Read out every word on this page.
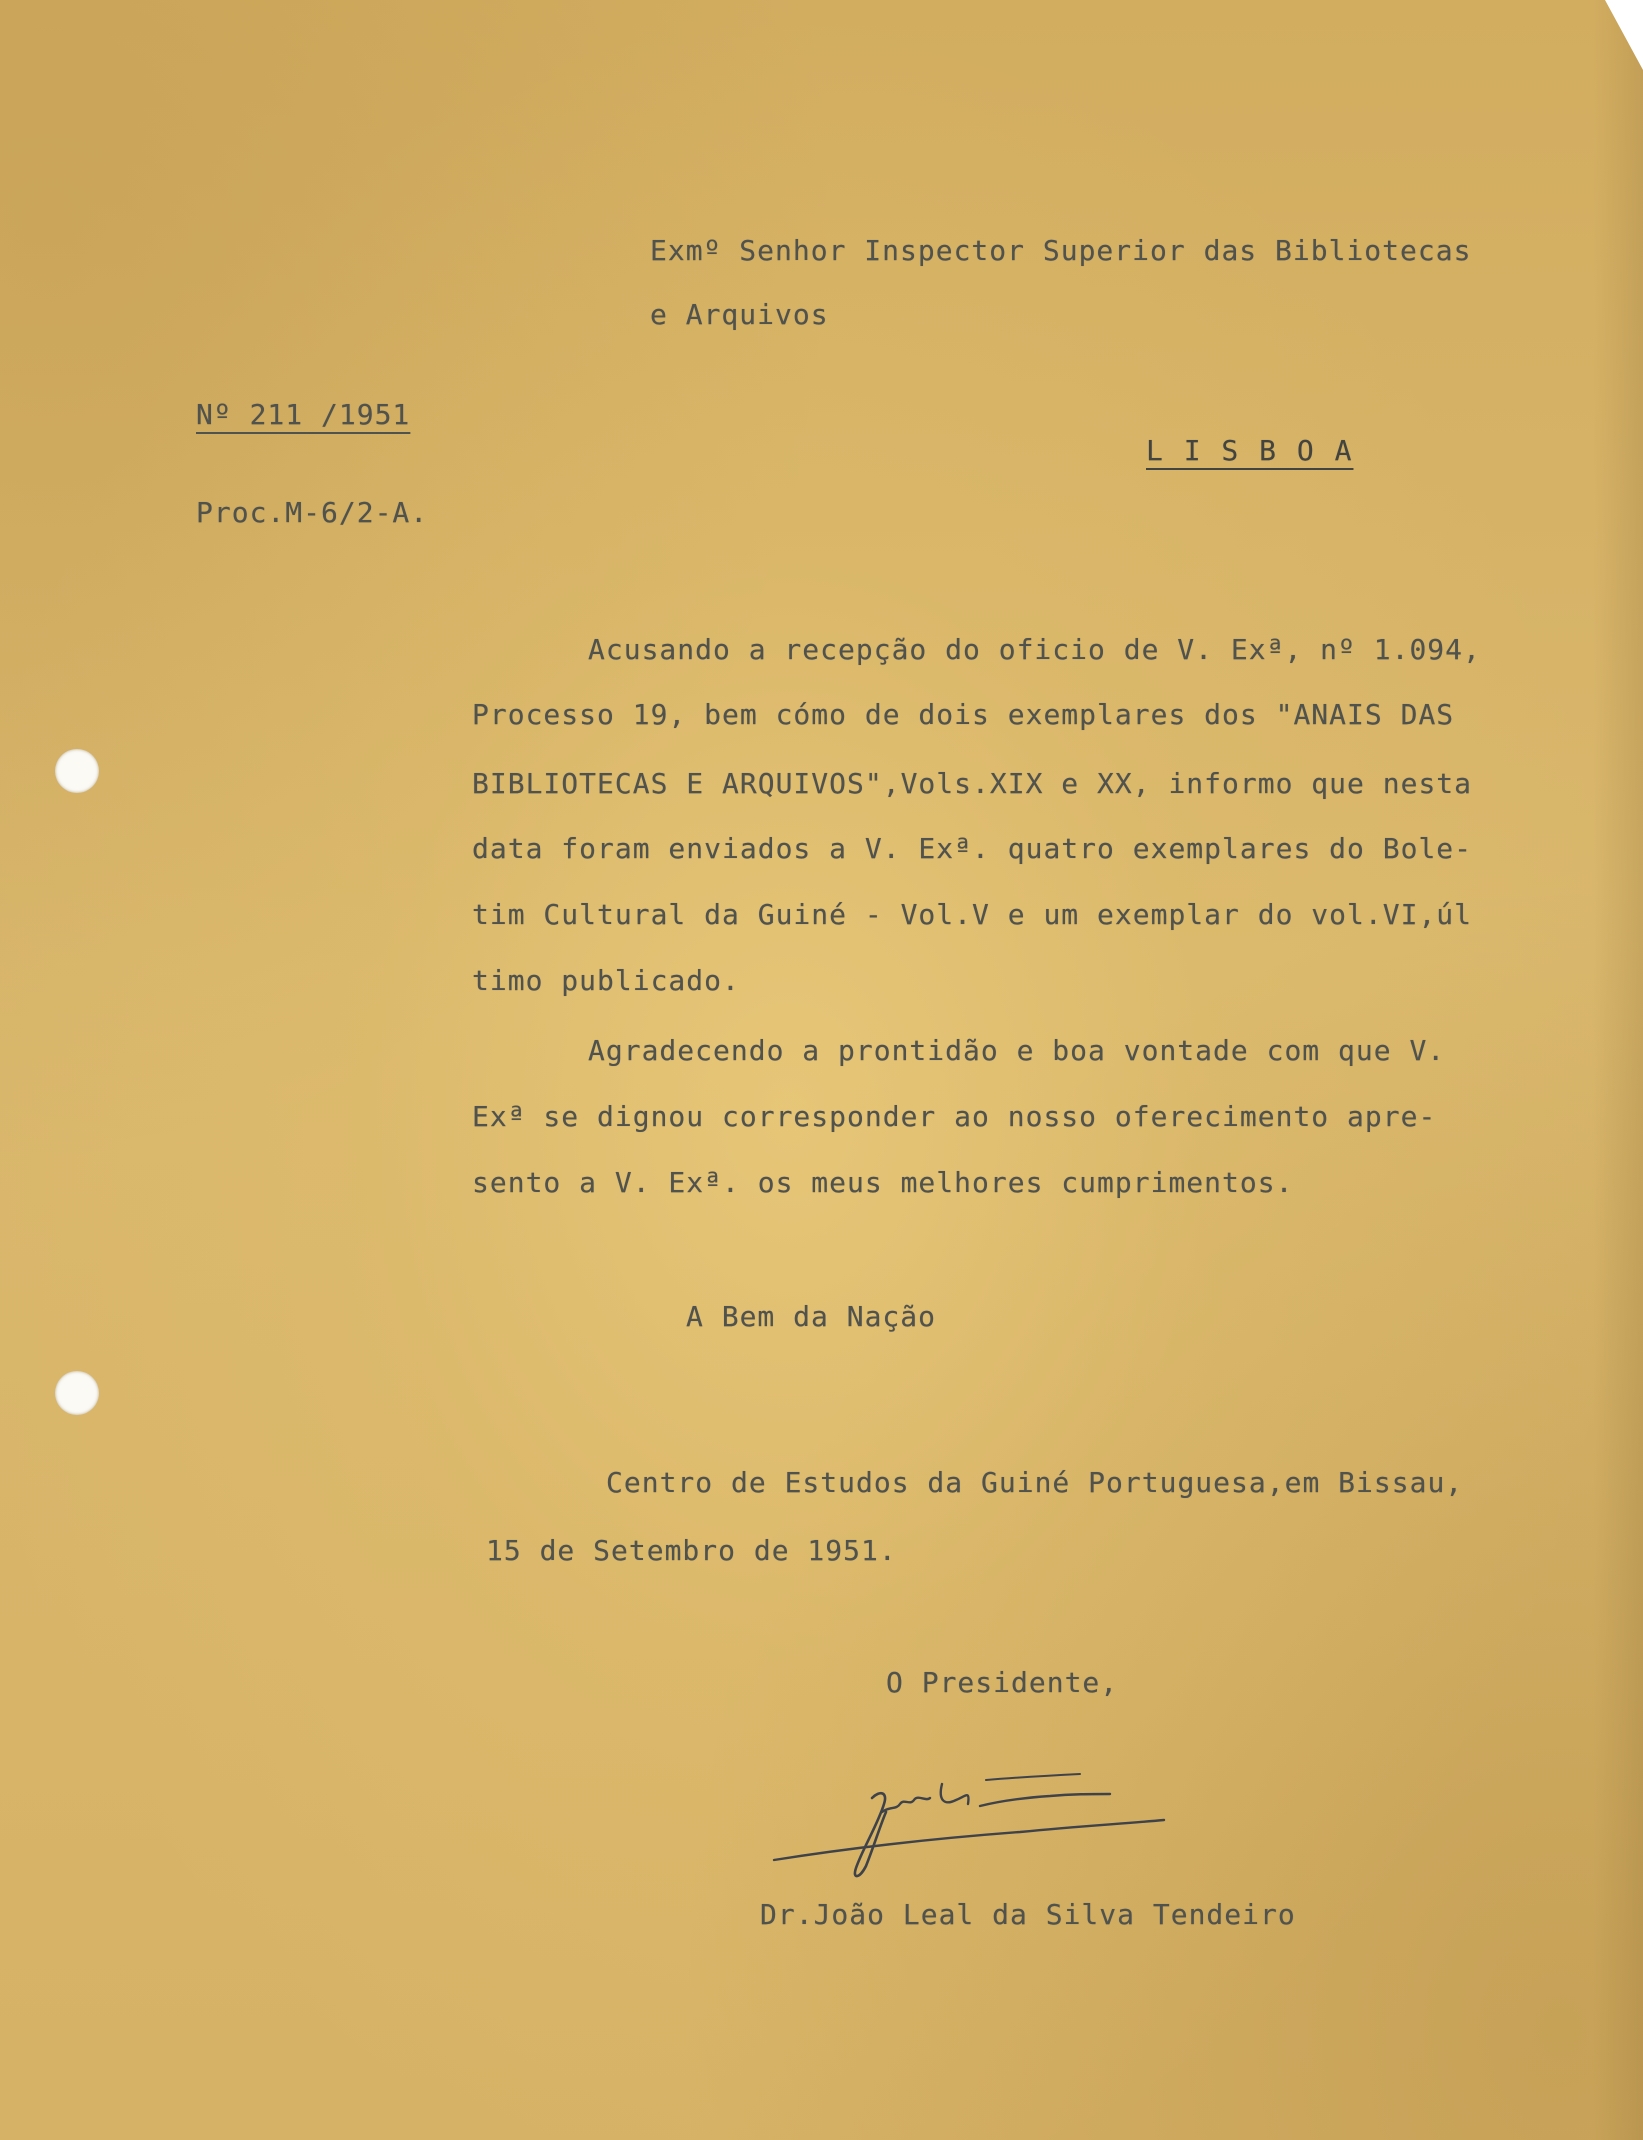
Exmº Senhor Inspector Superior das Bibliotecas
e Arquivos
Nº 211 /1951
L I S B O A
Proc.M-6/2-A.
Acusando a recepção do oficio de V. Exª, nº 1.094,
Processo 19, bem cómo de dois exemplares dos "ANAIS DAS
BIBLIOTECAS E ARQUIVOS",Vols.XIX e XX, informo que nesta
data foram enviados a V. Exª. quatro exemplares do Bole-
tim Cultural da Guiné - Vol.V e um exemplar do vol.VI,úl
timo publicado.
Agradecendo a prontidão e boa vontade com que V.
Exª se dignou corresponder ao nosso oferecimento apre-
sento a V. Exª. os meus melhores cumprimentos.
A Bem da Nação
Centro de Estudos da Guiné Portuguesa,em Bissau,
15 de Setembro de 1951.
O Presidente,
Dr.João Leal da Silva Tendeiro
